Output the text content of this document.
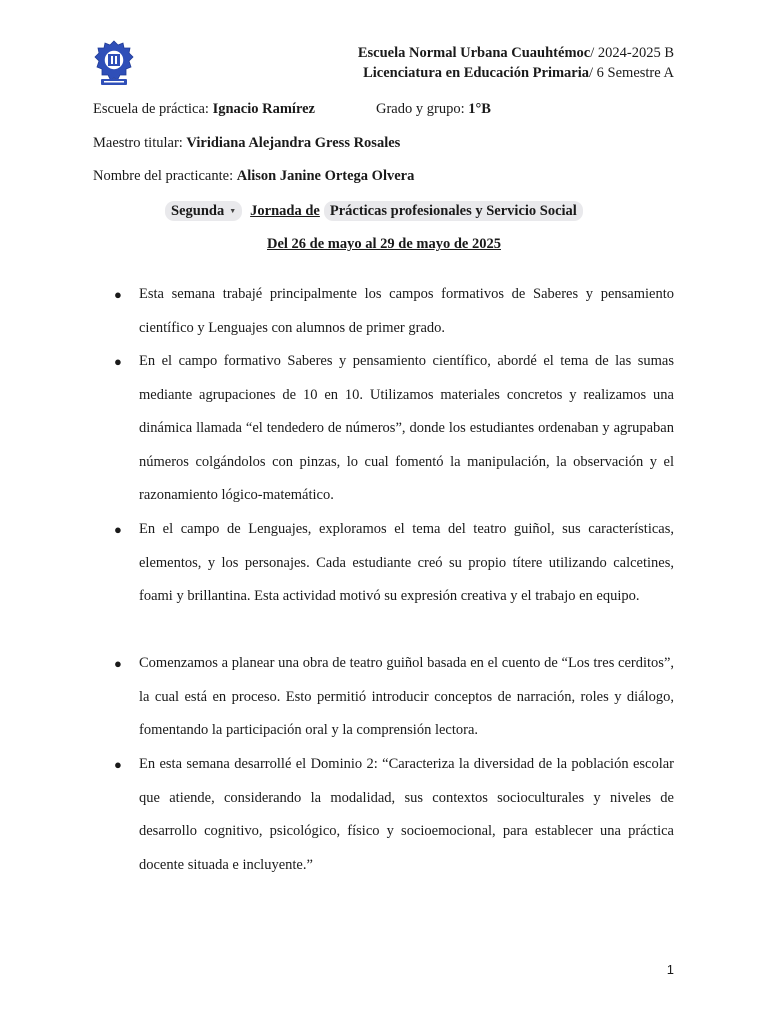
Escuela Normal Urbana Cuauhtémoc/ 2024-2025 B
Licenciatura en Educación Primaria/ 6 Semestre A
Escuela de práctica: Ignacio Ramírez	Grado y grupo: 1°B
Maestro titular: Viridiana Alejandra Gress Rosales
Nombre del practicante: Alison Janine Ortega Olvera
Segunda ▼ Jornada de Prácticas profesionales y Servicio Social
Del 26 de mayo al 29 de mayo de 2025
● Esta semana trabajé principalmente los campos formativos de Saberes y pensamiento científico y Lenguajes con alumnos de primer grado.
● En el campo formativo Saberes y pensamiento científico, abordé el tema de las sumas mediante agrupaciones de 10 en 10. Utilizamos materiales concretos y realizamos una dinámica llamada “el tendedero de números”, donde los estudiantes ordenaban y agrupaban números colgándolos con pinzas, lo cual fomentó la manipulación, la observación y el razonamiento lógico-matemático.
● En el campo de Lenguajes, exploramos el tema del teatro guiñol, sus características, elementos, y los personajes. Cada estudiante creó su propio títere utilizando calcetines, foami y brillantina. Esta actividad motivó su expresión creativa y el trabajo en equipo.
● Comenzamos a planear una obra de teatro guiñol basada en el cuento de “Los tres cerditos”, la cual está en proceso. Esto permitió introducir conceptos de narración, roles y diálogo, fomentando la participación oral y la comprensión lectora.
● En esta semana desarrollé el Dominio 2: “Caracteriza la diversidad de la población escolar que atiende, considerando la modalidad, sus contextos socioculturales y niveles de desarrollo cognitivo, psicológico, físico y socioemocional, para establecer una práctica docente situada e incluyente.”
1
